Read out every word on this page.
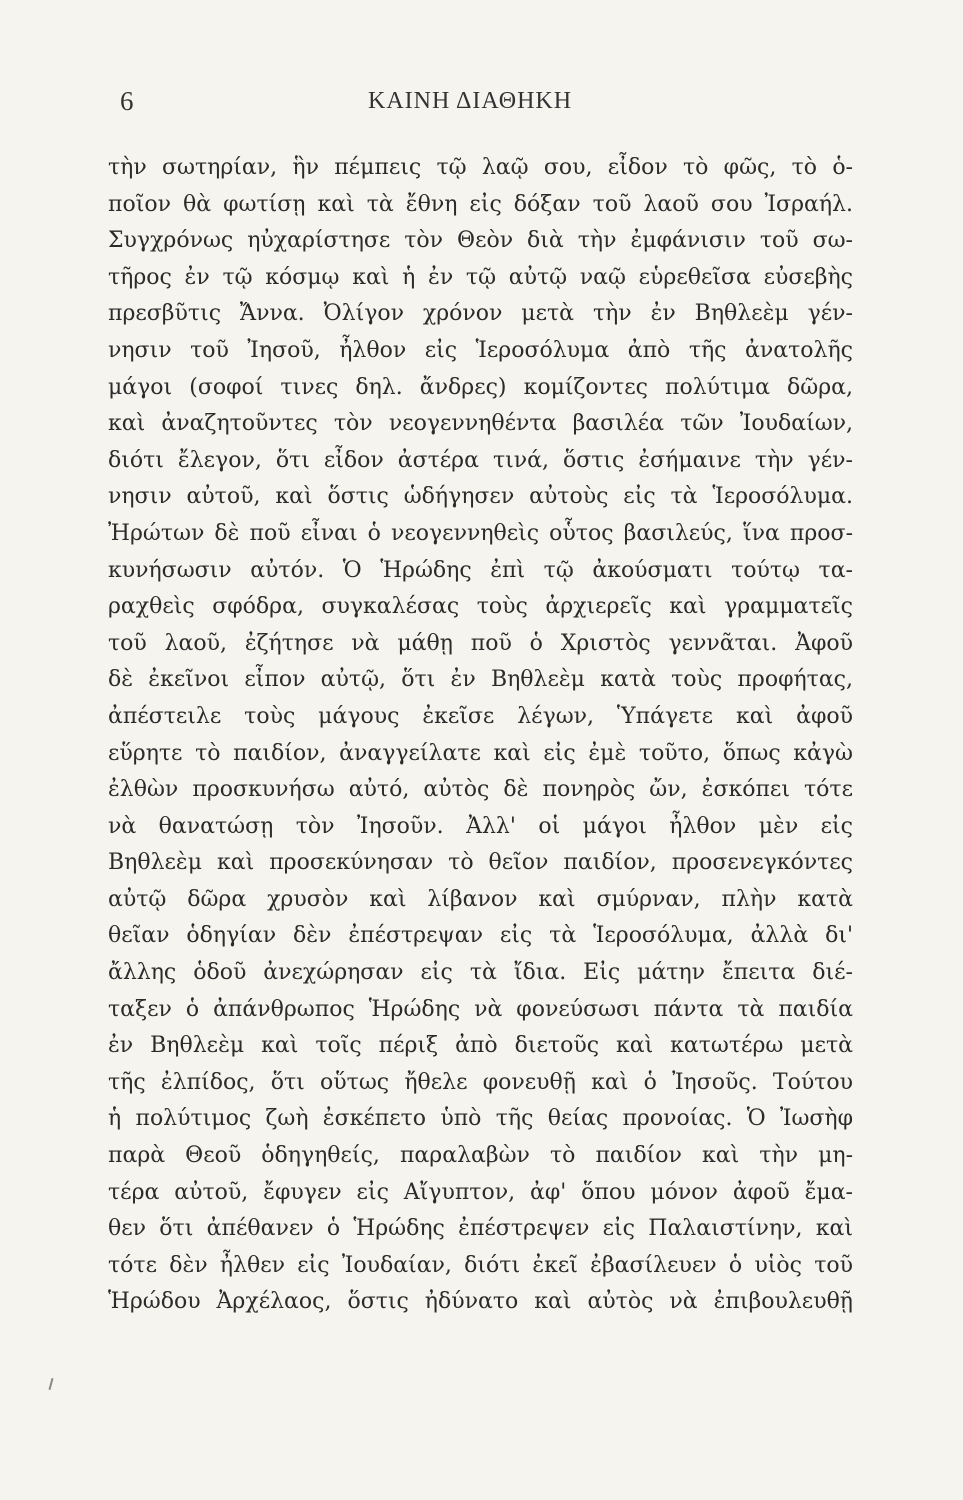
6	ΚΑΙΝΗ ΔΙΑΘΗΚΗ
τὴν σωτηρίαν, ἣν πέμπεις τῷ λαῷ σου, εἶδον τὸ φῶς, τὸ ὁ-
ποῖον θὰ φωτίσῃ καὶ τὰ ἔθνη εἰς δόξαν τοῦ λαοῦ σου Ἰσραήλ.
Συγχρόνως ηὐχαρίστησε τὸν Θεὸν διὰ τὴν ἐμφάνισιν τοῦ σω-
τῆρος ἐν τῷ κόσμῳ καὶ ἡ ἐν τῷ αὐτῷ ναῷ εὑρεθεῖσα εὐσεβὴς
πρεσβῦτις Ἄννα. Ὀλίγον χρόνον μετὰ τὴν ἐν Βηθλεὲμ γέν-
νησιν τοῦ Ἰησοῦ, ἦλθον εἰς Ἱεροσόλυμα ἀπὸ τῆς ἀνατολῆς
μάγοι (σοφοί τινες δηλ. ἄνδρες) κομίζοντες πολύτιμα δῶρα,
καὶ ἀναζητοῦντες τὸν νεογεννηθέντα βασιλέα τῶν Ἰουδαίων,
διότι ἔλεγον, ὅτι εἶδον ἀστέρα τινά, ὅστις ἐσήμαινε τὴν γέν-
νησιν αὐτοῦ, καὶ ὅστις ὡδήγησεν αὐτοὺς εἰς τὰ Ἱεροσόλυμα.
Ἠρώτων δὲ ποῦ εἶναι ὁ νεογεννηθεὶς οὗτος βασιλεύς, ἵνα προσ-
κυνήσωσιν αὐτόν. Ὁ Ἡρώδης ἐπὶ τῷ ἀκούσματι τούτῳ τα-
ραχθεὶς σφόδρα, συγκαλέσας τοὺς ἀρχιερεῖς καὶ γραμματεῖς
τοῦ λαοῦ, ἐζήτησε νὰ μάθῃ ποῦ ὁ Χριστὸς γεννᾶται. Ἀφοῦ
δὲ ἐκεῖνοι εἶπον αὐτῷ, ὅτι ἐν Βηθλεὲμ κατὰ τοὺς προφήτας,
ἀπέστειλε τοὺς μάγους ἐκεῖσε λέγων, Ὑπάγετε καὶ ἀφοῦ
εὕρητε τὸ παιδίον, ἀναγγείλατε καὶ εἰς ἐμὲ τοῦτο, ὅπως κἀγὼ
ἐλθὼν προσκυνήσω αὐτό, αὐτὸς δὲ πονηρὸς ὤν, ἐσκόπει τότε
νὰ θανατώσῃ τὸν Ἰησοῦν. Ἀλλ' οἱ μάγοι ἦλθον μὲν εἰς
Βηθλεὲμ καὶ προσεκύνησαν τὸ θεῖον παιδίον, προσενεγκόντες
αὐτῷ δῶρα χρυσὸν καὶ λίβανον καὶ σμύρναν, πλὴν κατὰ
θεῖαν ὁδηγίαν δὲν ἐπέστρεψαν εἰς τὰ Ἱεροσόλυμα, ἀλλὰ δι'
ἄλλης ὁδοῦ ἀνεχώρησαν εἰς τὰ ἴδια. Εἰς μάτην ἔπειτα διέ-
ταξεν ὁ ἀπάνθρωπος Ἡρώδης νὰ φονεύσωσι πάντα τὰ παιδία
ἐν Βηθλεὲμ καὶ τοῖς πέριξ ἀπὸ διετοῦς καὶ κατωτέρω μετὰ
τῆς ἐλπίδος, ὅτι οὕτως ἤθελε φονευθῇ καὶ ὁ Ἰησοῦς. Τούτου
ἡ πολύτιμος ζωὴ ἐσκέπετο ὑπὸ τῆς θείας προνοίας. Ὁ Ἰωσὴφ
παρὰ Θεοῦ ὁδηγηθείς, παραλαβὼν τὸ παιδίον καὶ τὴν μη-
τέρα αὐτοῦ, ἔφυγεν εἰς Αἴγυπτον, ἀφ' ὅπου μόνον ἀφοῦ ἔμα-
θεν ὅτι ἀπέθανεν ὁ Ἡρώδης ἐπέστρεψεν εἰς Παλαιστίνην, καὶ
τότε δὲν ἦλθεν εἰς Ἰουδαίαν, διότι ἐκεῖ ἐβασίλευεν ὁ υἱὸς τοῦ
Ἡρώδου Ἀρχέλαος, ὅστις ἠδύνατο καὶ αὐτὸς νὰ ἐπιβουλευθῇ
